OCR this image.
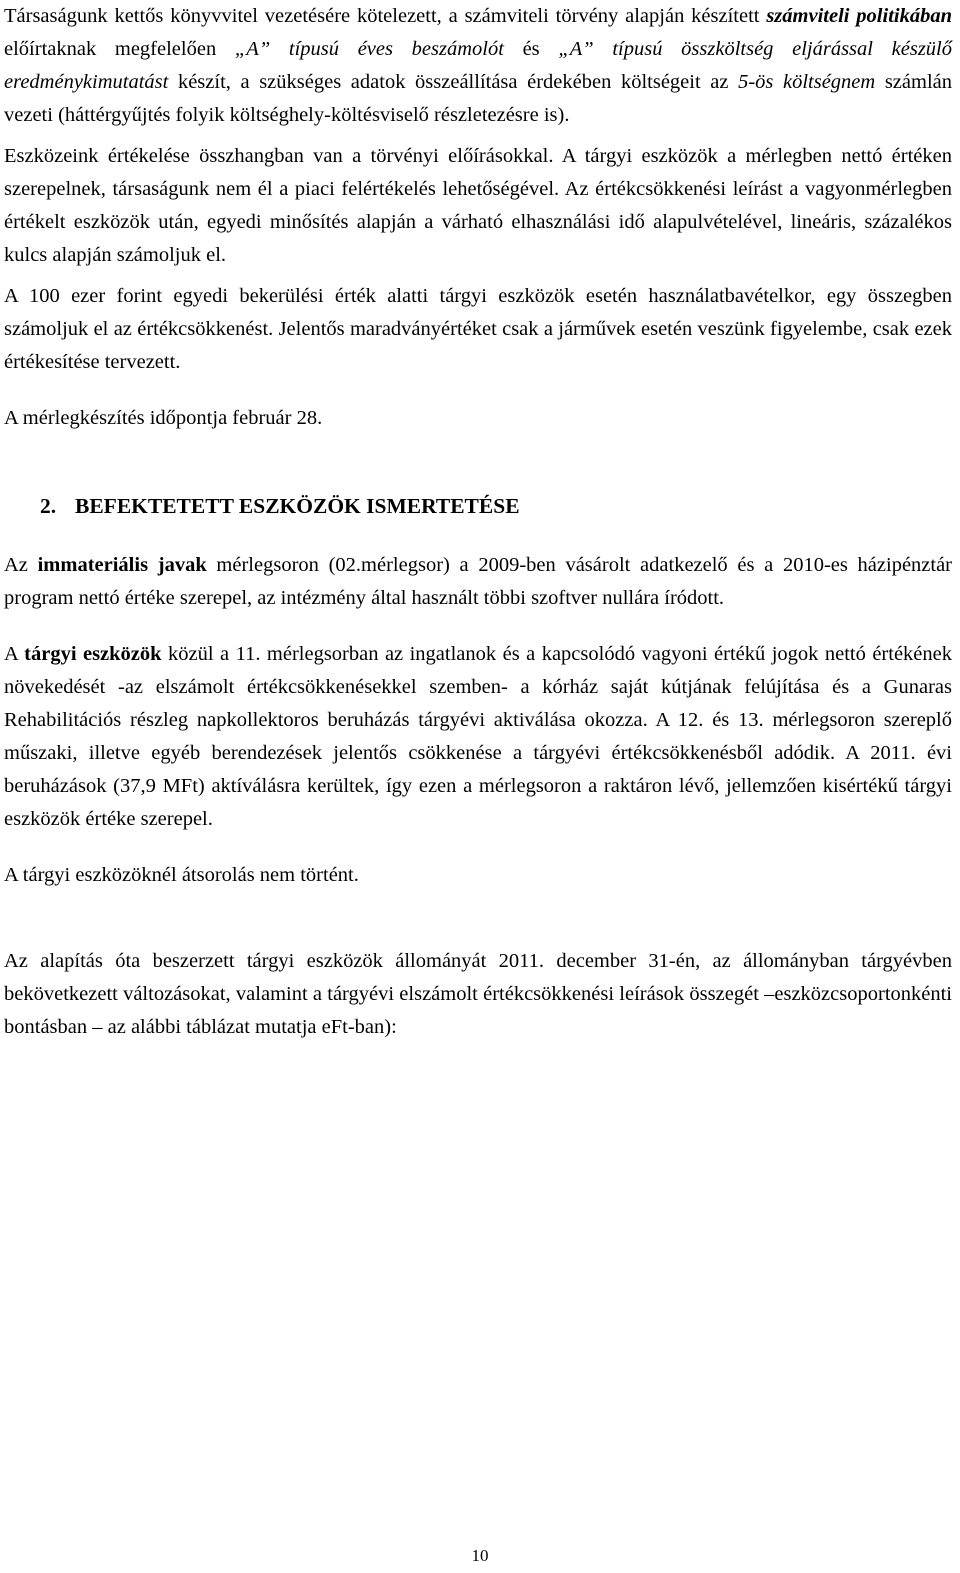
Társaságunk kettős könyvvitel vezetésére kötelezett, a számviteli törvény alapján készített számviteli politikában előírtaknak megfelelően „A” típusú éves beszámolót és „A” típusú összköltség eljárással készülő eredménykimutatást készít, a szükséges adatok összeállítása érdekében költségeit az 5-ös költségnem számlán vezeti (háttérgyűjtés folyik költséghely-költésviselő részletezésre is).

Eszközeink értékelése összhangban van a törvényi előírásokkal. A tárgyi eszközök a mérlegben nettó értéken szerepelnek, társaságunk nem él a piaci felértékelés lehetőségével. Az értékcsökkenési leírást a vagyonmérlegben értékelt eszközök után, egyedi minősítés alapján a várható elhasználási idő alapulvételével, lineáris, százalékos kulcs alapján számoljuk el.

A 100 ezer forint egyedi bekerülési érték alatti tárgyi eszközök esetén használatbavételkor, egy összegben számoljuk el az értékcsökkenést. Jelentős maradványértéket csak a járművek esetén veszünk figyelembe, csak ezek értékesítése tervezett.

A mérlegkészítés időpontja február 28.

2. BEFEKTETETT ESZKÖZÖK ISMERTETÉSE

Az immateriális javak mérlegsoron (02.mérlegsor) a 2009-ben vásárolt adatkezelő és a 2010-es házipénztár program nettó értéke szerepel, az intézmény által használt többi szoftver nullára íródott.

A tárgyi eszközök közül a 11. mérlegsorban az ingatlanok és a kapcsolódó vagyoni értékű jogok nettó értékének növekedését -az elszámolt értékcsökkenésekkel szemben- a kórház saját kútjának felújítása és a Gunaras Rehabilitációs részleg napkollektoros beruházás tárgyévi aktiválása okozza. A 12. és 13. mérlegsoron szereplő műszaki, illetve egyéb berendezések jelentős csökkenése a tárgyévi értékcsökkenésből adódik. A 2011. évi beruházások (37,9 MFt) aktíválásra kerültek, így ezen a mérlegsoron a raktáron lévő, jellemzően kisértékű tárgyi eszközök értéke szerepel.

A tárgyi eszközöknél átsorolás nem történt.

Az alapítás óta beszerzett tárgyi eszközök állományát 2011. december 31-én, az állományban tárgyévben bekövetkezett változásokat, valamint a tárgyévi elszámolt értékcsökkenési leírások összegét –eszközcsoportonkénti bontásban – az alábbi táblázat mutatja eFt-ban):

10
